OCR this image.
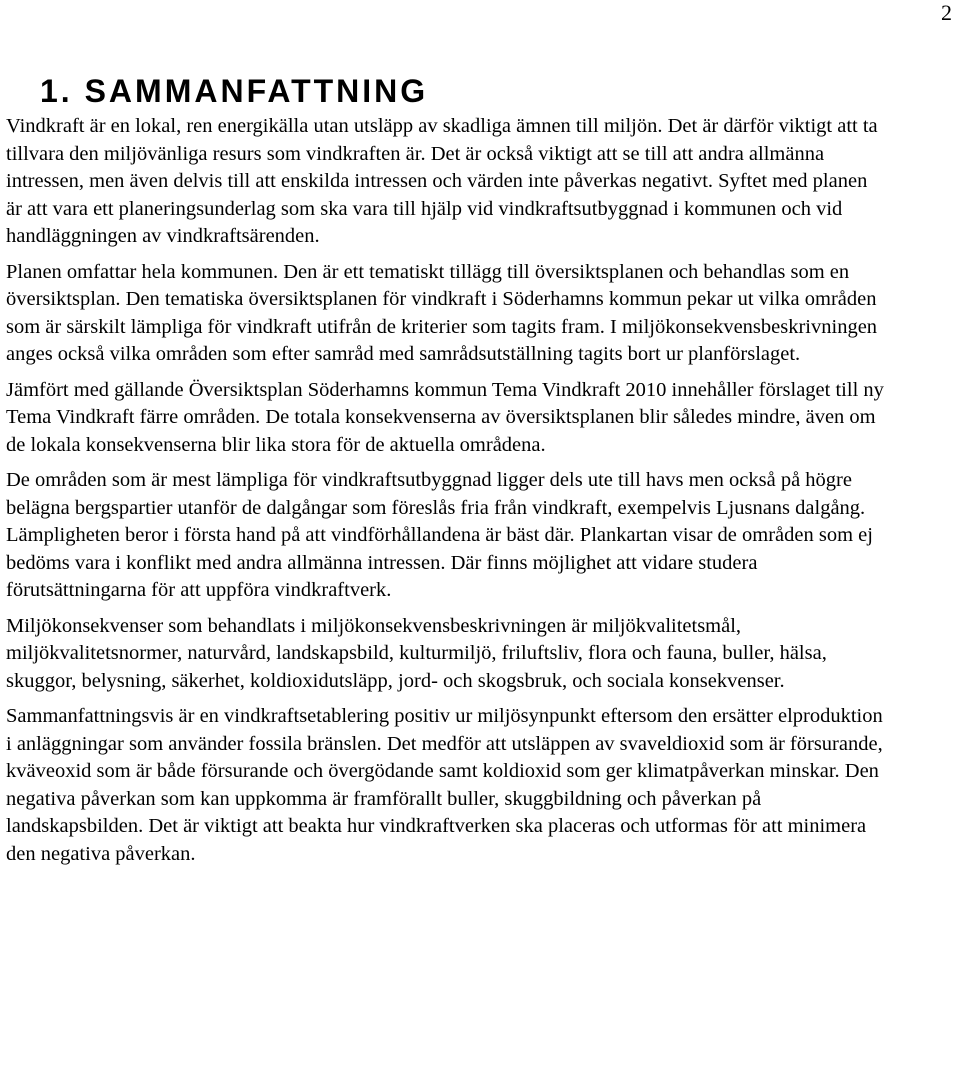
2
1. SAMMANFATTNING

Vindkraft är en lokal, ren energikälla utan utsläpp av skadliga ämnen till miljön. Det är därför viktigt att ta tillvara den miljövänliga resurs som vindkraften är. Det är också viktigt att se till att andra allmänna intressen, men även delvis till att enskilda intressen och värden inte påverkas negativt. Syftet med planen är att vara ett planeringsunderlag som ska vara till hjälp vid vindkraftsutbyggnad i kommunen och vid handläggningen av vindkraftsärenden.

Planen omfattar hela kommunen. Den är ett tematiskt tillägg till översiktsplanen och behandlas som en översiktsplan. Den tematiska översiktsplanen för vindkraft i Söderhamns kommun pekar ut vilka områden som är särskilt lämpliga för vindkraft utifrån de kriterier som tagits fram. I miljökonsekvensbeskrivningen anges också vilka områden som efter samråd med samrådsutställning tagits bort ur planförslaget.

Jämfört med gällande Översiktsplan Söderhamns kommun Tema Vindkraft 2010 innehåller förslaget till ny Tema Vindkraft färre områden. De totala konsekvenserna av översiktsplanen blir således mindre, även om de lokala konsekvenserna blir lika stora för de aktuella områdena.

De områden som är mest lämpliga för vindkraftsutbyggnad ligger dels ute till havs men också på högre belägna bergspartier utanför de dalgångar som föreslås fria från vindkraft, exempelvis Ljusnans dalgång. Lämpligheten beror i första hand på att vindförhållandena är bäst där. Plankartan visar de områden som ej bedöms vara i konflikt med andra allmänna intressen. Där finns möjlighet att vidare studera förutsättningarna för att uppföra vindkraftverk.

Miljökonsekvenser som behandlats i miljökonsekvensbeskrivningen är miljökvalitetsmål, miljökvalitetsnormer, naturvård, landskapsbild, kulturmiljö, friluftsliv, flora och fauna, buller, hälsa, skuggor, belysning, säkerhet, koldioxidutsläpp, jord- och skogsbruk, och sociala konsekvenser.

Sammanfattningsvis är en vindkraftsetablering positiv ur miljösynpunkt eftersom den ersätter elproduktion i anläggningar som använder fossila bränslen. Det medför att utsläppen av svaveldioxid som är försurande, kväveoxid som är både försurande och övergödande samt koldioxid som ger klimatpåverkan minskar. Den negativa påverkan som kan uppkomma är framförallt buller, skuggbildning och påverkan på landskapsbilden. Det är viktigt att beakta hur vindkraftverken ska placeras och utformas för att minimera den negativa påverkan.
